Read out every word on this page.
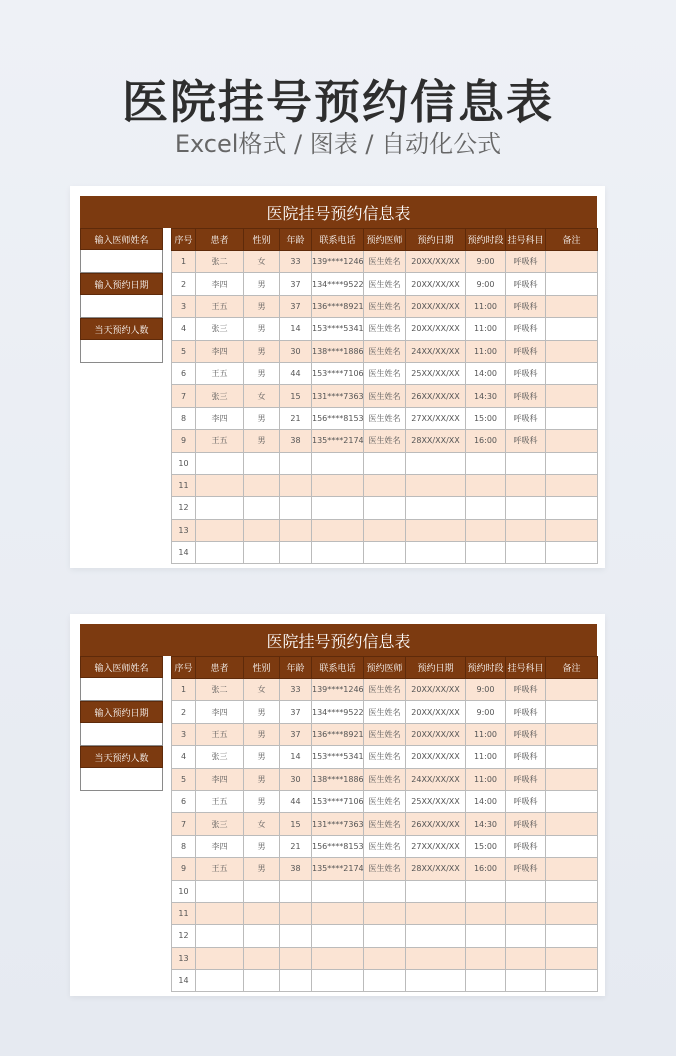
医院挂号预约信息表
Excel格式 / 图表 / 自动化公式
医院挂号预约信息表
输入医师姓名
输入预约日期
当天预约人数
序号	患者	性别	年龄	联系电话	预约医师	预约日期	预约时段	挂号科目	备注
1	张二	女	33	139****1246	医生姓名	20XX/XX/XX	9:00	呼吸科	
2	李四	男	37	134****9522	医生姓名	20XX/XX/XX	9:00	呼吸科	
3	王五	男	37	136****8921	医生姓名	20XX/XX/XX	11:00	呼吸科	
4	张三	男	14	153****5341	医生姓名	20XX/XX/XX	11:00	呼吸科	
5	李四	男	30	138****1886	医生姓名	24XX/XX/XX	11:00	呼吸科	
6	王五	男	44	153****7106	医生姓名	25XX/XX/XX	14:00	呼吸科	
7	张三	女	15	131****7363	医生姓名	26XX/XX/XX	14:30	呼吸科	
8	李四	男	21	156****8153	医生姓名	27XX/XX/XX	15:00	呼吸科	
9	王五	男	38	135****2174	医生姓名	28XX/XX/XX	16:00	呼吸科	
10									
11									
12									
13									
14									
医院挂号预约信息表
输入医师姓名
输入预约日期
当天预约人数
序号	患者	性别	年龄	联系电话	预约医师	预约日期	预约时段	挂号科目	备注
1	张二	女	33	139****1246	医生姓名	20XX/XX/XX	9:00	呼吸科	
2	李四	男	37	134****9522	医生姓名	20XX/XX/XX	9:00	呼吸科	
3	王五	男	37	136****8921	医生姓名	20XX/XX/XX	11:00	呼吸科	
4	张三	男	14	153****5341	医生姓名	20XX/XX/XX	11:00	呼吸科	
5	李四	男	30	138****1886	医生姓名	24XX/XX/XX	11:00	呼吸科	
6	王五	男	44	153****7106	医生姓名	25XX/XX/XX	14:00	呼吸科	
7	张三	女	15	131****7363	医生姓名	26XX/XX/XX	14:30	呼吸科	
8	李四	男	21	156****8153	医生姓名	27XX/XX/XX	15:00	呼吸科	
9	王五	男	38	135****2174	医生姓名	28XX/XX/XX	16:00	呼吸科	
10									
11									
12									
13									
14									
